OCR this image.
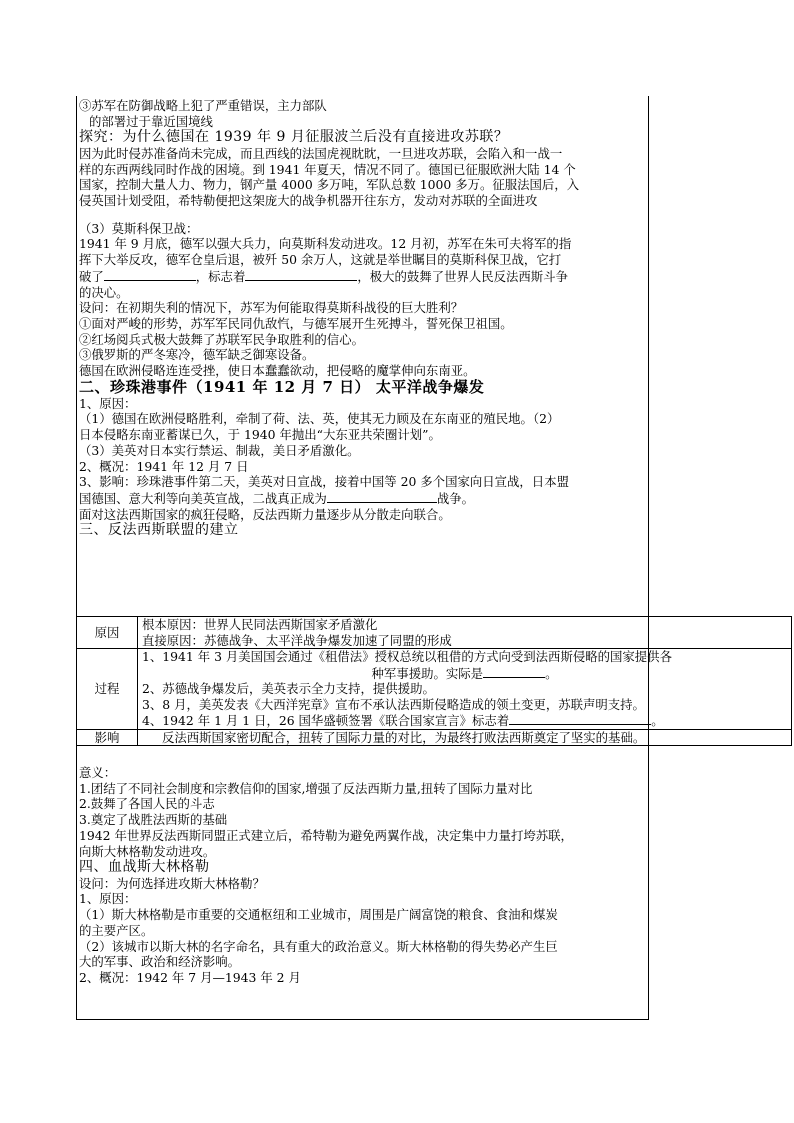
③苏军在防御战略上犯了严重错误，主力部队
的部署过于靠近国境线
探究：为什么德国在 1939 年 9 月征服波兰后没有直接进攻苏联？
因为此时侵苏准备尚未完成，而且西线的法国虎视眈眈，一旦进攻苏联，会陷入和一战一
样的东西两线同时作战的困境。到 1941 年夏天，情况不同了。德国已征服欧洲大陆 14 个
国家，控制大量人力、物力，钢产量 4000 多万吨，军队总数 1000 多万。征服法国后，入
侵英国计划受阻，希特勒便把这架庞大的战争机器开往东方，发动对苏联的全面进攻
（3）莫斯科保卫战：
1941 年 9 月底，德军以强大兵力，向莫斯科发动进攻。12 月初，苏军在朱可夫将军的指
挥下大举反攻，德军仓皇后退，被歼 50 余万人，这就是举世瞩目的莫斯科保卫战，它打
破了	，标志着	，极大的鼓舞了世界人民反法西斯斗争
的决心。
设问：在初期失利的情况下，苏军为何能取得莫斯科战役的巨大胜利？
①面对严峻的形势，苏军军民同仇敌忾，与德军展开生死搏斗，誓死保卫祖国。
②红场阅兵式极大鼓舞了苏联军民争取胜利的信心。
③俄罗斯的严冬寒冷，德军缺乏御寒设备。
德国在欧洲侵略连连受挫，使日本蠢蠢欲动，把侵略的魔掌伸向东南亚。
二、珍珠港事件（1941 年 12 月 7 日） 太平洋战争爆发
1、原因：
（1）德国在欧洲侵略胜利，牵制了荷、法、英，使其无力顾及在东南亚的殖民地。（2）
日本侵略东南亚蓄谋已久，于 1940 年抛出“大东亚共荣圈计划”。
（3）美英对日本实行禁运、制裁，美日矛盾激化。
2、概况：1941 年 12 月 7 日
3、影响：珍珠港事件第二天，美英对日宣战，接着中国等 20 多个国家向日宣战，日本盟
国德国、意大利等向美英宣战，二战真正成为	战争。
面对这法西斯国家的疯狂侵略，反法西斯力量逐步从分散走向联合。
三、反法西斯联盟的建立
原因	根本原因：世界人民同法西斯国家矛盾激化
直接原因：苏德战争、太平洋战争爆发加速了同盟的形成

过程	1、1941 年 3 月美国国会通过《租借法》授权总统以租借的方式向受到法西斯侵略的国家提供各
种军事援助。实际是 。
2、苏德战争爆发后，美英表示全力支持，提供援助。
3、8 月，美英发表《大西洋宪章》宣布不承认法西斯侵略造成的领土变更，苏联声明支持。
4、1942 年 1 月 1 日，26 国华盛顿签署《联合国家宣言》标志着 。

影响	反法西斯国家密切配合，扭转了国际力量的对比，为最终打败法西斯奠定了坚实的基础。
意义：
1.团结了不同社会制度和宗教信仰的国家,增强了反法西斯力量,扭转了国际力量对比
2.鼓舞了各国人民的斗志
3.奠定了战胜法西斯的基础
1942 年世界反法西斯同盟正式建立后，希特勒为避免两翼作战，决定集中力量打垮苏联，
向斯大林格勒发动进攻。
四、血战斯大林格勒
设问：为何选择进攻斯大林格勒？
1、原因：
（1）斯大林格勒是市重要的交通枢纽和工业城市，周围是广阔富饶的粮食、食油和煤炭
的主要产区。
（2）该城市以斯大林的名字命名，具有重大的政治意义。斯大林格勒的得失势必产生巨
大的军事、政治和经济影响。
2、概况：1942 年 7 月—1943 年 2 月
